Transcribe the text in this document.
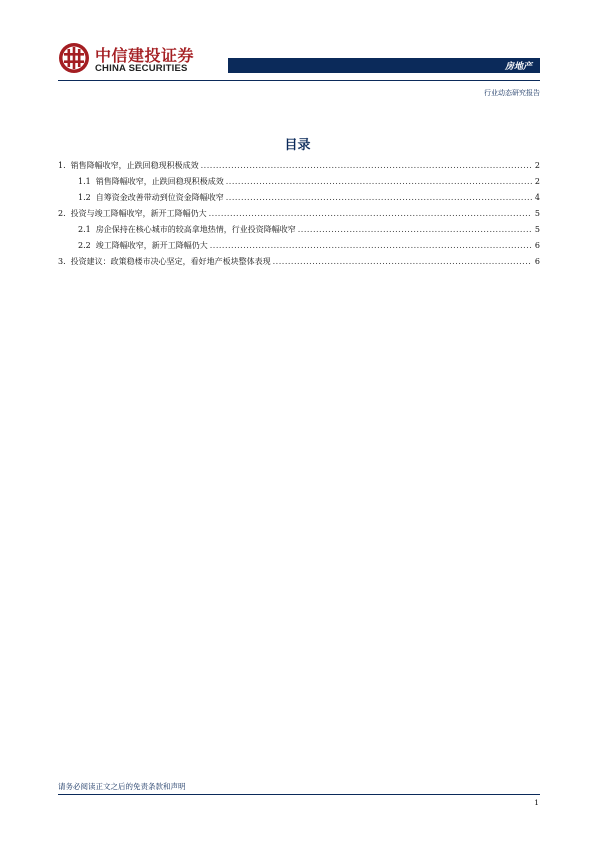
中信建投证券
CHINA SECURITIES	房地产
行业动态研究报告
目录
1. 销售降幅收窄，止跌回稳现积极成效 .....	2
1.1 销售降幅收窄，止跌回稳现积极成效 .....	2
1.2 自筹资金改善带动到位资金降幅收窄 .....	4
2. 投资与竣工降幅收窄，新开工降幅仍大 .....	5
2.1 房企保持在核心城市的较高拿地热情，行业投资降幅收窄 .....	5
2.2 竣工降幅收窄，新开工降幅仍大 .....	6
3. 投资建议：政策稳楼市决心坚定，看好地产板块整体表现 .....	6
请务必阅读正文之后的免责条款和声明
1
